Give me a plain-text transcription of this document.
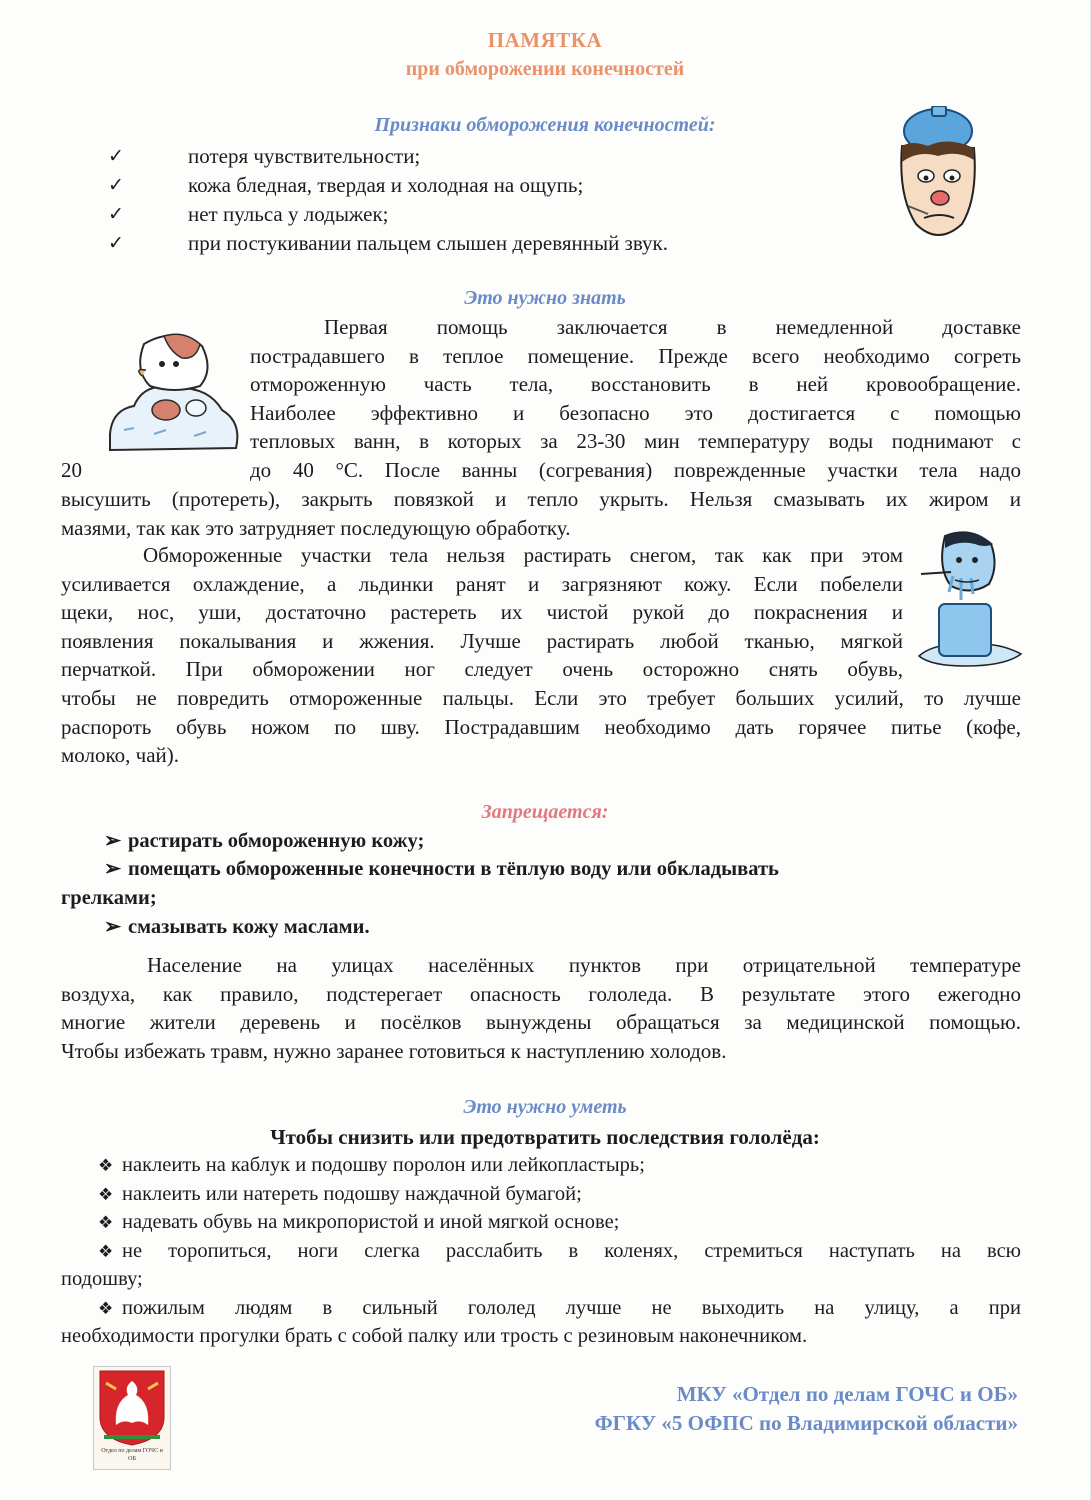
ПАМЯТКА
при обморожении конечностей
Признаки обморожения конечностей:
✓	потеря чувствительности;
✓	кожа бледная, твердая и холодная на ощупь;
✓	нет пульса у лодыжек;
✓	при постукивании пальцем слышен деревянный звук.
Это нужно знать
Первая помощь заключается в немедленной доставке
пострадавшего в теплое помещение. Прежде всего необходимо согреть
отмороженную часть тела, восстановить в ней кровообращение.
Наиболее эффективно и безопасно это достигается с помощью
тепловых ванн, в которых за 23-30 мин температуру воды поднимают с
до 40 °С. После ванны (согревания) поврежденные участки тела надо
20
высушить (протереть), закрыть повязкой и тепло укрыть. Нельзя смазывать их жиром и
мазями, так как это затрудняет последующую обработку.
Обмороженные участки тела нельзя растирать снегом, так как при этом
усиливается охлаждение, а льдинки ранят и загрязняют кожу. Если побелели
щеки, нос, уши, достаточно растереть их чистой рукой до покраснения и
появления покалывания и жжения. Лучше растирать любой тканью, мягкой
перчаткой. При обморожении ног следует очень осторожно снять обувь,
чтобы не повредить отмороженные пальцы. Если это требует больших усилий, то лучше
распороть обувь ножом по шву. Пострадавшим необходимо дать горячее питье (кофе,
молоко, чай).
Запрещается:
➢ растирать обмороженную кожу;
➢ помещать обмороженные конечности в тёплую воду или обкладывать
грелками;
➢ смазывать кожу маслами.
Население на улицах населённых пунктов при отрицательной температуре
воздуха, как правило, подстерегает опасность гололеда. В результате этого ежегодно
многие жители деревень и посёлков вынуждены обращаться за медицинской помощью.
Чтобы избежать травм, нужно заранее готовиться к наступлению холодов.
Это нужно уметь
Чтобы снизить или предотвратить последствия гололёда:
❖ наклеить на каблук и подошву поролон или лейкопластырь;
❖ наклеить или натереть подошву наждачной бумагой;
❖ надевать обувь на микропористой и иной мягкой основе;
❖ не торопиться, ноги слегка расслабить в коленях, стремиться наступать на всю
подошву;
❖ пожилым людям в сильный гололед лучше не выходить на улицу, а при
необходимости прогулки брать с собой палку или трость с резиновым наконечником.
Отдел по делам ГОЧС и
ОБ
МКУ «Отдел по делам ГОЧС и ОБ»
ФГКУ «5 ОФПС по Владимирской области»
